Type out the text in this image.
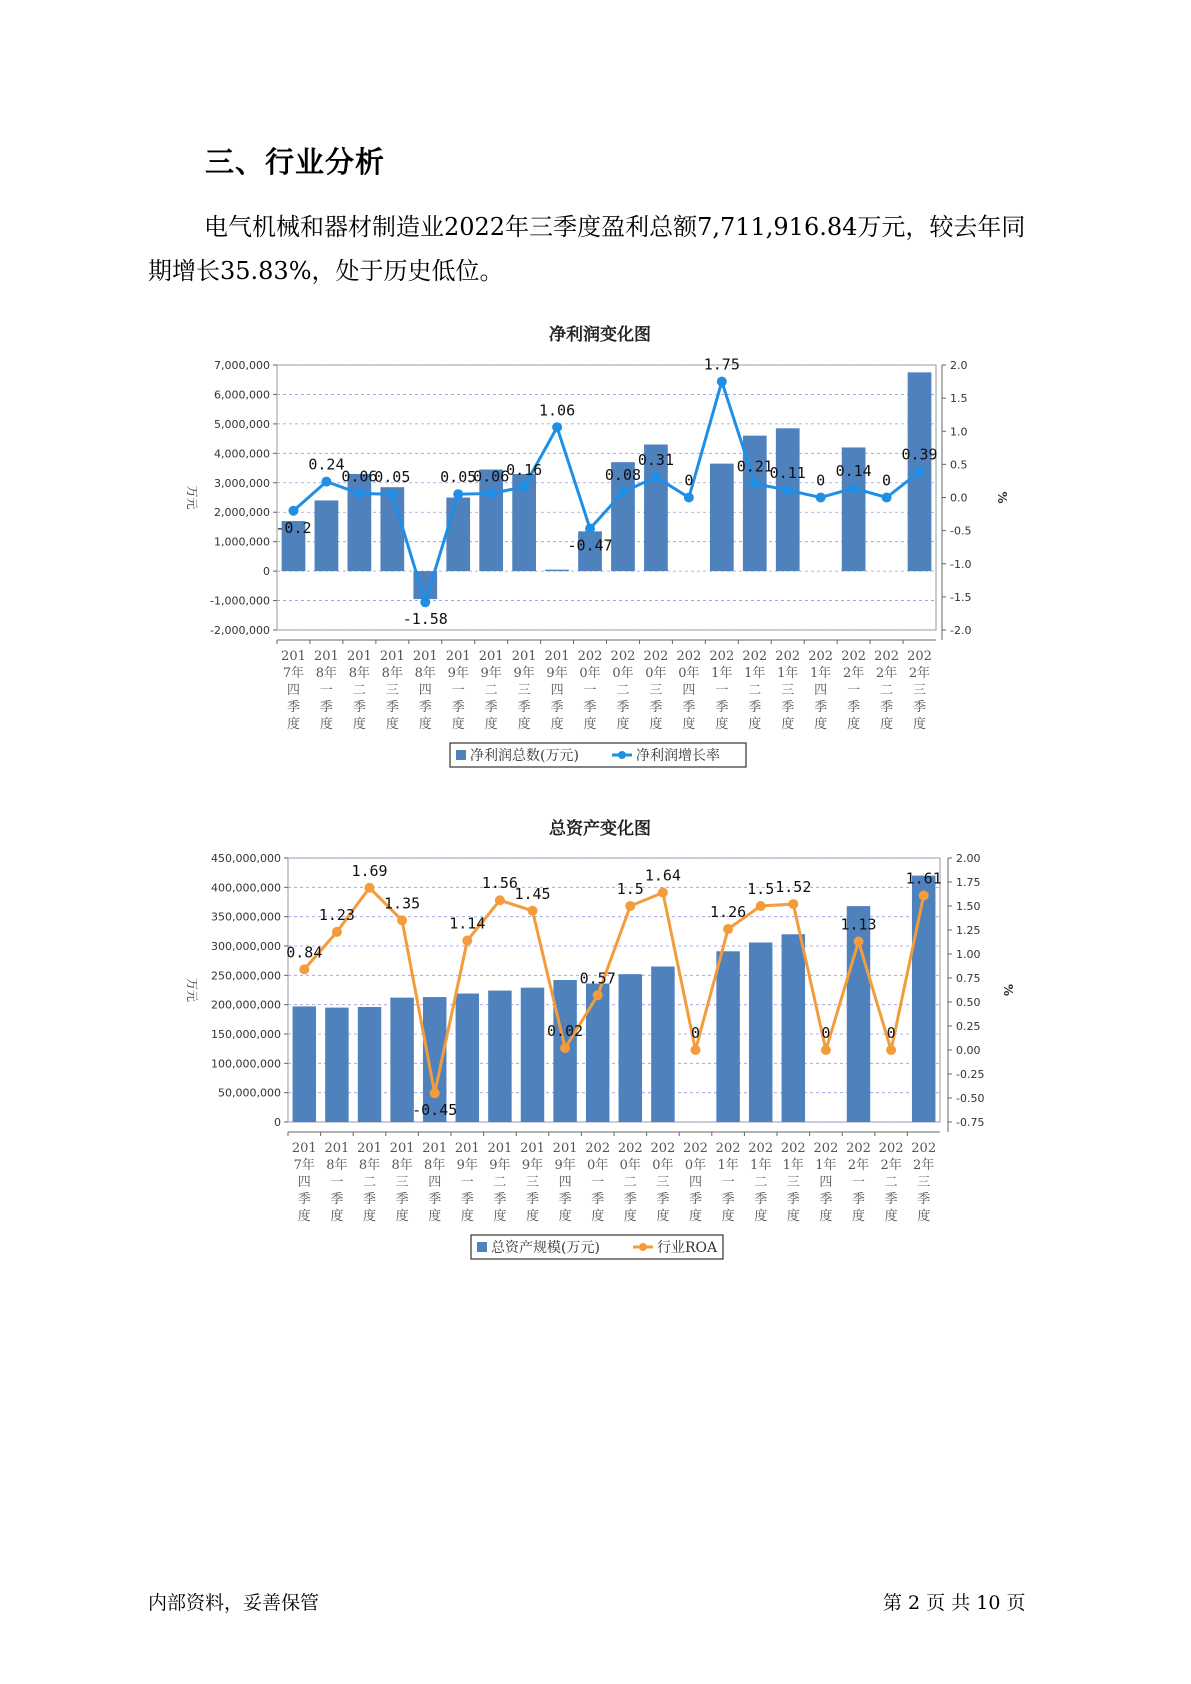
三、行业分析
电气机械和器材制造业2022年三季度盈利总额7,711,916.84万元，较去年同期增长35.83%，处于历史低位。
净利润变化图
7,000,000
6,000,000
5,000,000
4,000,000
3,000,000
2,000,000
1,000,000
0
-1,000,000
-2,000,000
2.0
1.5
1.0
0.5
0.0
-0.5
-1.0
-1.5
-2.0
万元	%
201
7年
四
季
度
201
8年
一
季
度
201
8年
二
季
度
201
8年
三
季
度
201
8年
四
季
度
201
9年
一
季
度
201
9年
二
季
度
201
9年
三
季
度
201
9年
四
季
度
202
0年
一
季
度
202
0年
二
季
度
202
0年
三
季
度
202
0年
四
季
度
202
1年
一
季
度
202
1年
二
季
度
202
1年
三
季
度
202
1年
四
季
度
202
2年
一
季
度
202
2年
二
季
度
202
2年
三
季
度
-0.2
0.24
0.06
0.05
-1.58
0.05
0.06
0.16
1.06
-0.47
0.08
0.31
0
1.75
0.21
0.11 0
0.14
0
0.39
净利润总数(万元)	净利润增长率
总资产变化图
450,000,000
400,000,000
350,000,000
300,000,000
250,000,000
200,000,000
150,000,000
100,000,000
50,000,000
0
2.00
1.75
1.50
1.25
1.00
0.75
0.50
0.25
0.00
-0.25
-0.50
-0.75
万元	%
201
7年
四
季
度
201
8年
一
季
度
201
8年
二
季
度
201
8年
三
季
度
201
8年
四
季
度
201
9年
一
季
度
201
9年
二
季
度
201
9年
三
季
度
201
9年
四
季
度
202
0年
一
季
度
202
0年
二
季
度
202
0年
三
季
度
202
0年
四
季
度
202
1年
一
季
度
202
1年
二
季
度
202
1年
三
季
度
202
1年
四
季
度
202
2年
一
季
度
202
2年
二
季
度
202
2年
三
季
度
0.84
1.23
1.69
1.35
-0.45
1.14
1.56
1.45
0.02
0.57
1.5
1.64
0
1.26
1.5 1.52
0
1.13
0
1.61
总资产规模(万元)	行业ROA
内部资料，妥善保管	第 2 页 共 10 页
